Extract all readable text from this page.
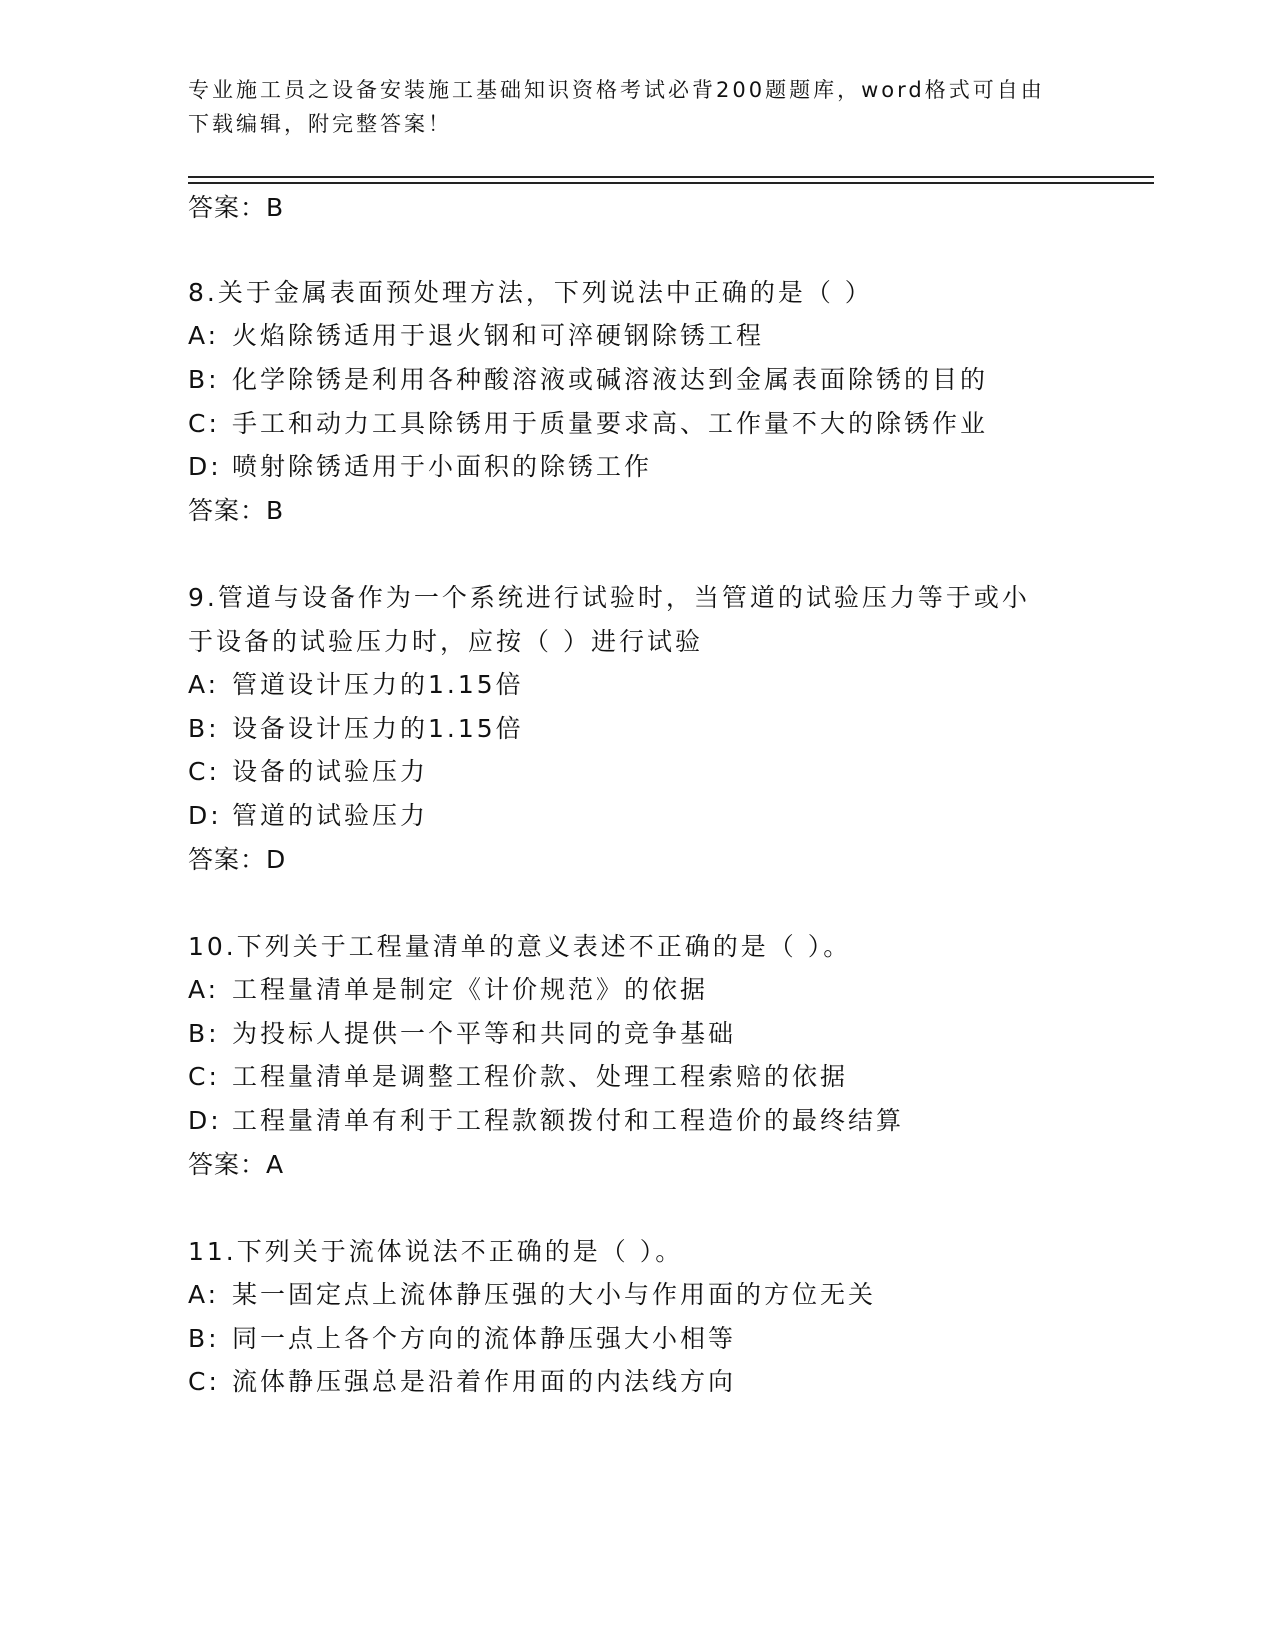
专业施工员之设备安装施工基础知识资格考试必背200题题库，word格式可自由
下载编辑，附完整答案！
答案：B
8.关于金属表面预处理方法，下列说法中正确的是（ ）
A: 火焰除锈适用于退火钢和可淬硬钢除锈工程
B: 化学除锈是利用各种酸溶液或碱溶液达到金属表面除锈的目的
C: 手工和动力工具除锈用于质量要求高、工作量不大的除锈作业
D: 喷射除锈适用于小面积的除锈工作
答案：B
9.管道与设备作为一个系统进行试验时，当管道的试验压力等于或小
于设备的试验压力时，应按（ ）进行试验
A: 管道设计压力的1.15倍
B: 设备设计压力的1.15倍
C: 设备的试验压力
D: 管道的试验压力
答案：D
10.下列关于工程量清单的意义表述不正确的是（ ）。
A: 工程量清单是制定《计价规范》的依据
B: 为投标人提供一个平等和共同的竞争基础
C: 工程量清单是调整工程价款、处理工程索赔的依据
D: 工程量清单有利于工程款额拨付和工程造价的最终结算
答案：A
11.下列关于流体说法不正确的是（ ）。
A: 某一固定点上流体静压强的大小与作用面的方位无关
B: 同一点上各个方向的流体静压强大小相等
C: 流体静压强总是沿着作用面的内法线方向
